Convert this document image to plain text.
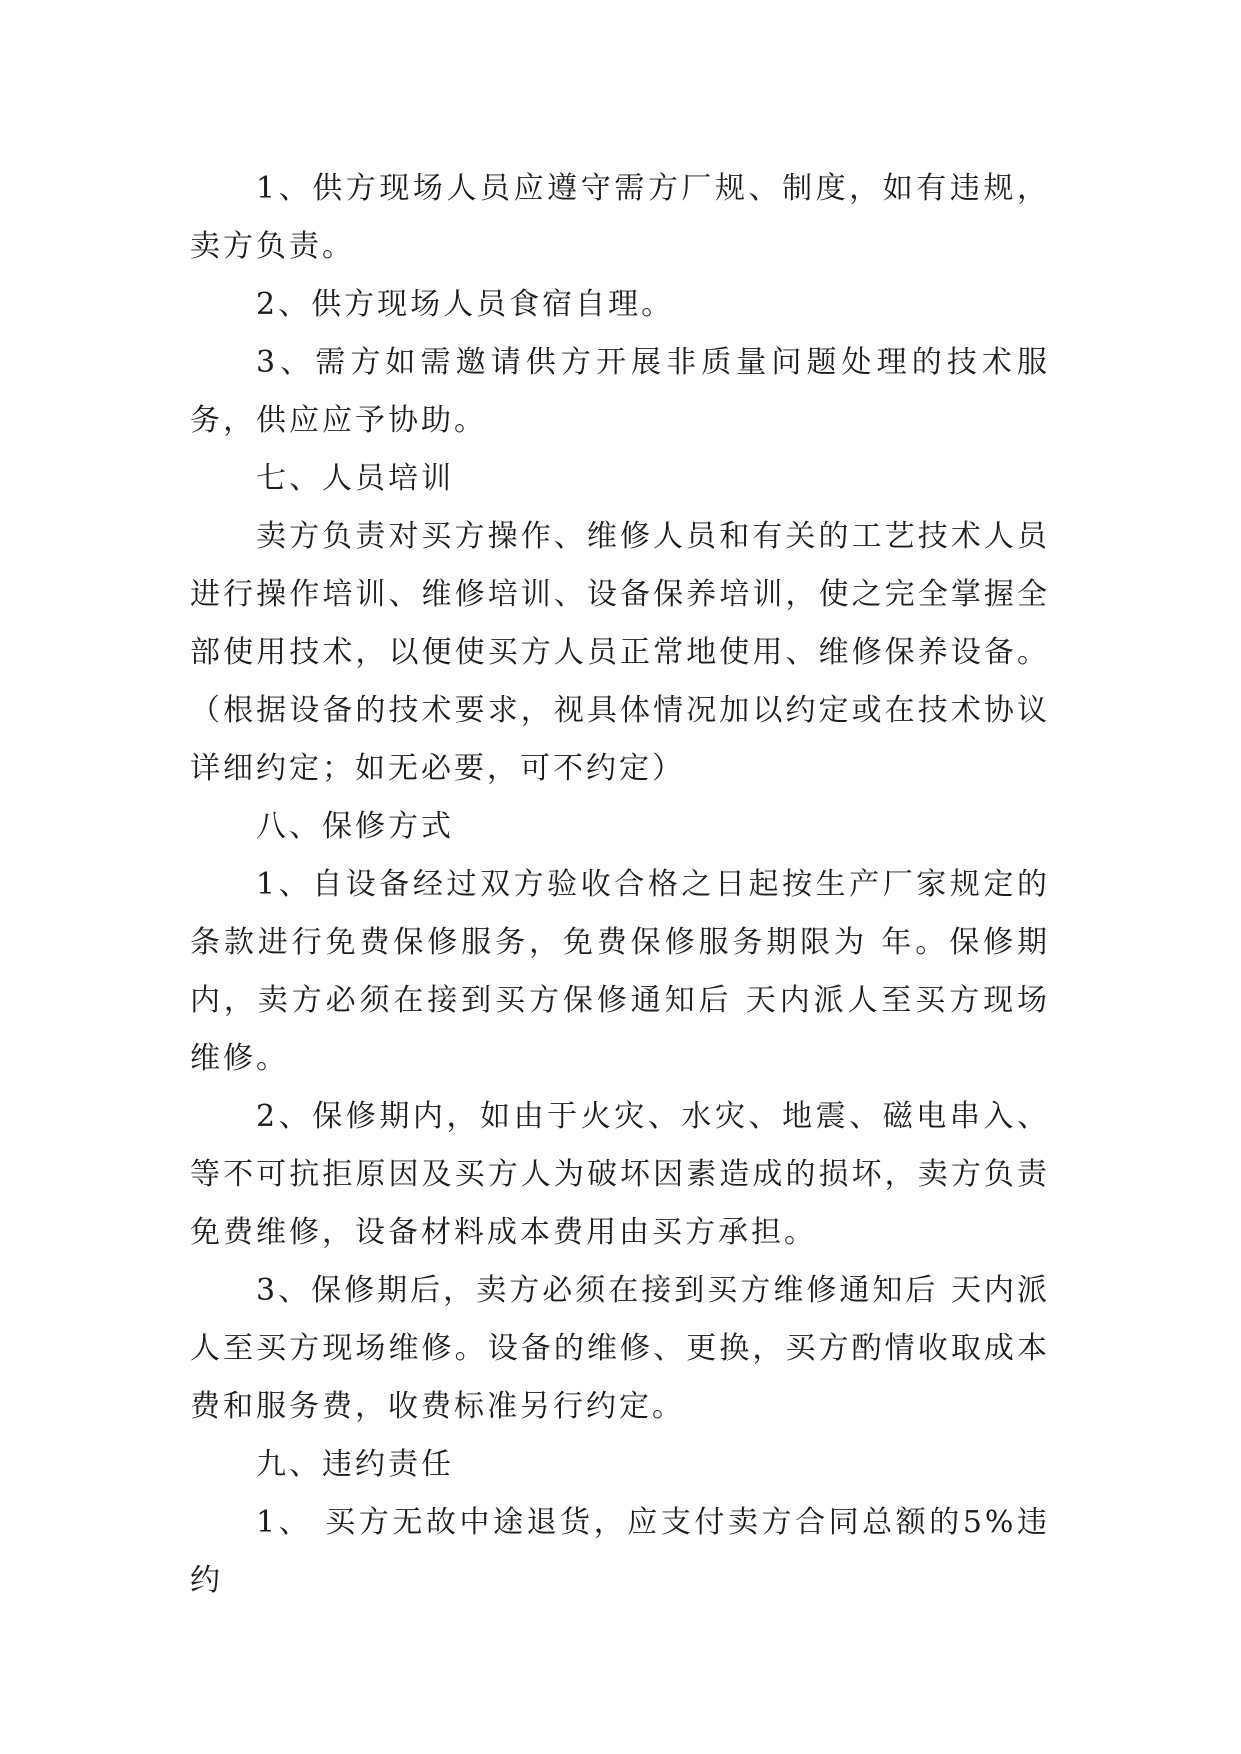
1、供方现场人员应遵守需方厂规、制度，如有违规，卖方负责。

2、供方现场人员食宿自理。

3、需方如需邀请供方开展非质量问题处理的技术服务，供应应予协助。

七、人员培训

卖方负责对买方操作、维修人员和有关的工艺技术人员进行操作培训、维修培训、设备保养培训，使之完全掌握全部使用技术，以便使买方人员正常地使用、维修保养设备。（根据设备的技术要求，视具体情况加以约定或在技术协议详细约定；如无必要，可不约定）

八、保修方式

1、自设备经过双方验收合格之日起按生产厂家规定的条款进行免费保修服务，免费保修服务期限为 年。保修期内，卖方必须在接到买方保修通知后 天内派人至买方现场维修。

2、保修期内，如由于火灾、水灾、地震、磁电串入、等不可抗拒原因及买方人为破坏因素造成的损坏，卖方负责免费维修，设备材料成本费用由买方承担。

3、保修期后，卖方必须在接到买方维修通知后 天内派人至买方现场维修。设备的维修、更换，买方酌情收取成本费和服务费，收费标准另行约定。

九、违约责任

1、 买方无故中途退货，应支付卖方合同总额的5%违约
